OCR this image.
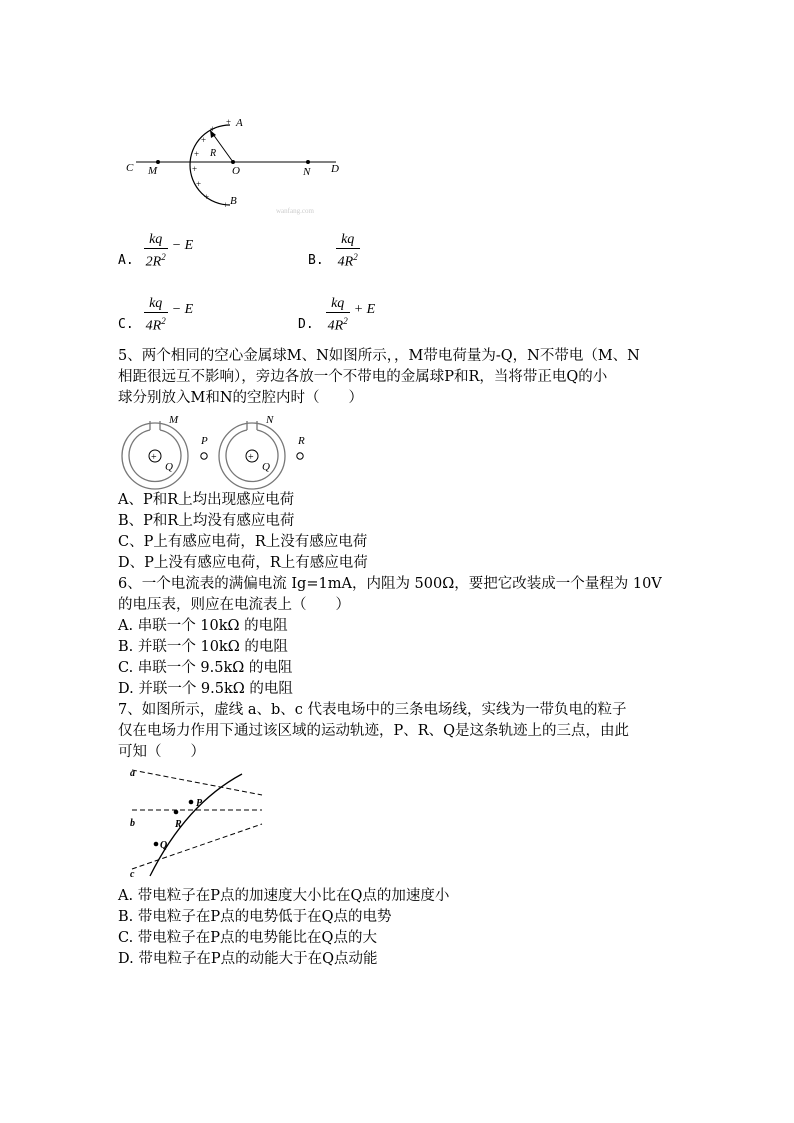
A
B
C	D
M	N
O
R
+
+
+
+
+
+
+
+
wanfang.com
A. $\frac{kq}{2R^2} - E$
B. $\frac{kq}{4R^2}$
C. $\frac{kq}{4R^2} - E$
D. $\frac{kq}{4R^2} + E$
5、两个相同的空心金属球M、N如图所示，，M带电荷量为-Q，N不带电（M、N
相距很远互不影响），旁边各放一个不带电的金属球P和R，当将带正电Q的小
球分别放入M和N的空腔内时（　　）
+
Q
M
P
+
Q
N
R
A、P和R上均出现感应电荷
B、P和R上均没有感应电荷
C、P上有感应电荷，R上没有感应电荷
D、P上没有感应电荷，R上有感应电荷
6、一个电流表的满偏电流 Ig=1mA，内阻为 500Ω，要把它改装成一个量程为 10V
的电压表，则应在电流表上（　　）
A. 串联一个 10kΩ 的电阻
B. 并联一个 10kΩ 的电阻
C. 串联一个 9.5kΩ 的电阻
D. 并联一个 9.5kΩ 的电阻
7、如图所示，虚线 a、b、c 代表电场中的三条电场线，实线为一带负电的粒子
仅在电场力作用下通过该区域的运动轨迹，P、R、Q是这条轨迹上的三点，由此
可知（　　）
a
b
c
P
R
Q
A. 带电粒子在P点的加速度大小比在Q点的加速度小
B. 带电粒子在P点的电势低于在Q点的电势
C. 带电粒子在P点的电势能比在Q点的大
D. 带电粒子在P点的动能大于在Q点动能
